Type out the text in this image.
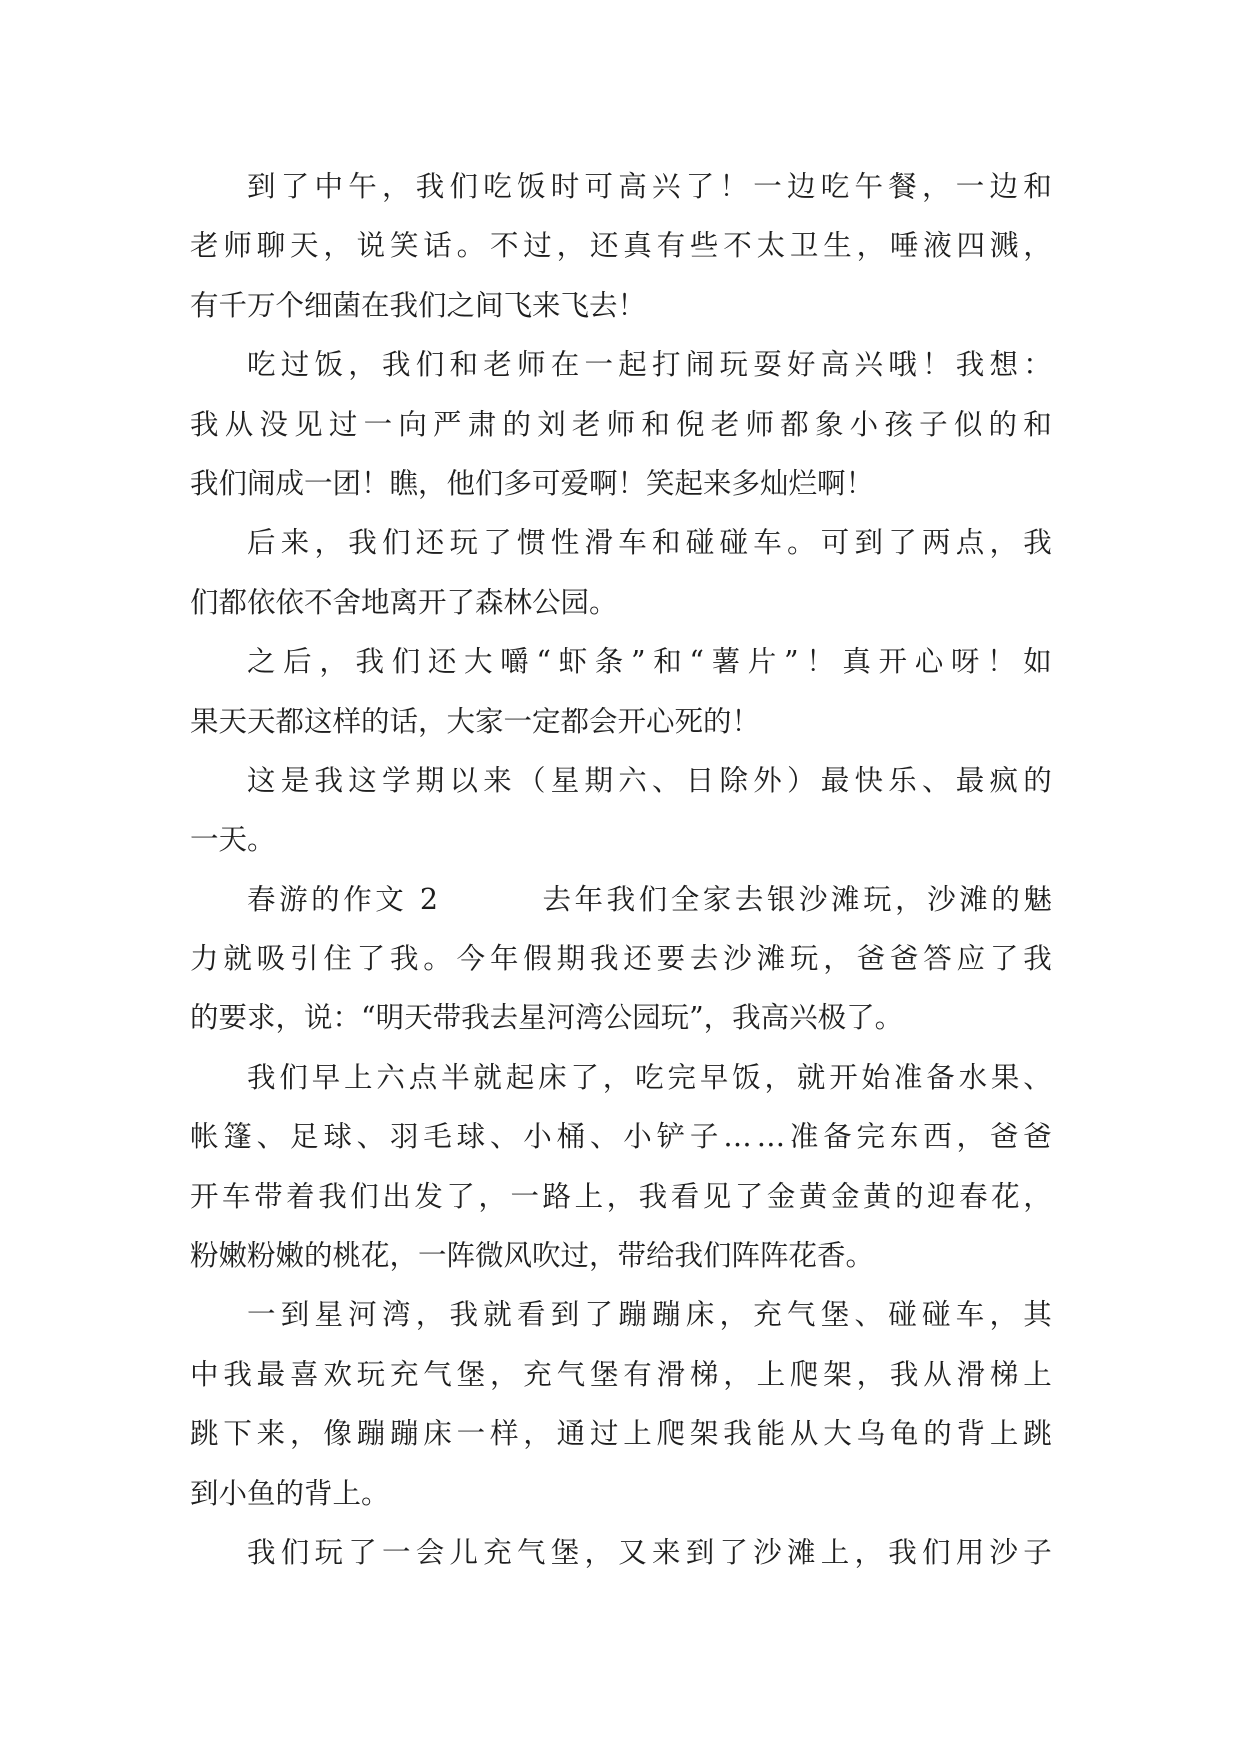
到 了 中 午 ， 我 们 吃 饭 时 可 高 兴 了 ！ 一 边 吃 午 餐 ， 一 边 和
老 师 聊 天 ， 说 笑 话 。 不 过 ， 还 真 有 些 不 太 卫 生 ， 唾 液 四 溅 ，
有千万个细菌在我们之间飞来飞去！
吃 过 饭 ， 我 们 和 老 师 在 一 起 打 闹 玩 耍 好 高 兴 哦 ！ 我 想 ：
我 从 没 见 过 一 向 严 肃 的 刘 老 师 和 倪 老 师 都 象 小 孩 子 似 的 和
我们闹成一团！瞧，他们多可爱啊！笑起来多灿烂啊！
后 来 ， 我 们 还 玩 了 惯 性 滑 车 和 碰 碰 车 。 可 到 了 两 点 ， 我
们都依依不舍地离开了森林公园。
之 后 ， 我 们 还 大 嚼 “ 虾 条 ” 和 “ 薯 片 ” ！ 真 开 心 呀 ！ 如
果天天都这样的话，大家一定都会开心死的！
这 是 我 这 学 期 以 来 （ 星 期 六 、 日 除 外 ） 最 快 乐 、 最 疯 的
一天。
春 游 的 作 文
2

	去 年 我 们 全 家 去 银 沙 滩 玩 ， 沙 滩 的 魅
力 就 吸 引 住 了 我 。 今 年 假 期 我 还 要 去 沙 滩 玩 ， 爸 爸 答 应 了 我
的要求，说：“明天带我去星河湾公园玩”，我高兴极了。
我 们 早 上 六 点 半 就 起 床 了 ， 吃 完 早 饭 ， 就 开 始 准 备 水 果 、
帐 篷 、 足 球 、 羽 毛 球 、 小 桶 、 小 铲 子 … … 准 备 完 东 西 ， 爸 爸
开 车 带 着 我 们 出 发 了 ， 一 路 上 ， 我 看 见 了 金 黄 金 黄 的 迎 春 花 ，
粉嫩粉嫩的桃花，一阵微风吹过，带给我们阵阵花香。
一 到 星 河 湾 ， 我 就 看 到 了 蹦 蹦 床 ， 充 气 堡 、 碰 碰 车 ， 其
中 我 最 喜 欢 玩 充 气 堡 ， 充 气 堡 有 滑 梯 ， 上 爬 架 ， 我 从 滑 梯 上
跳 下 来 ， 像 蹦 蹦 床 一 样 ， 通 过 上 爬 架 我 能 从 大 乌 龟 的 背 上 跳
到小鱼的背上。
我 们 玩 了 一 会 儿 充 气 堡 ， 又 来 到 了 沙 滩 上 ， 我 们 用 沙 子
